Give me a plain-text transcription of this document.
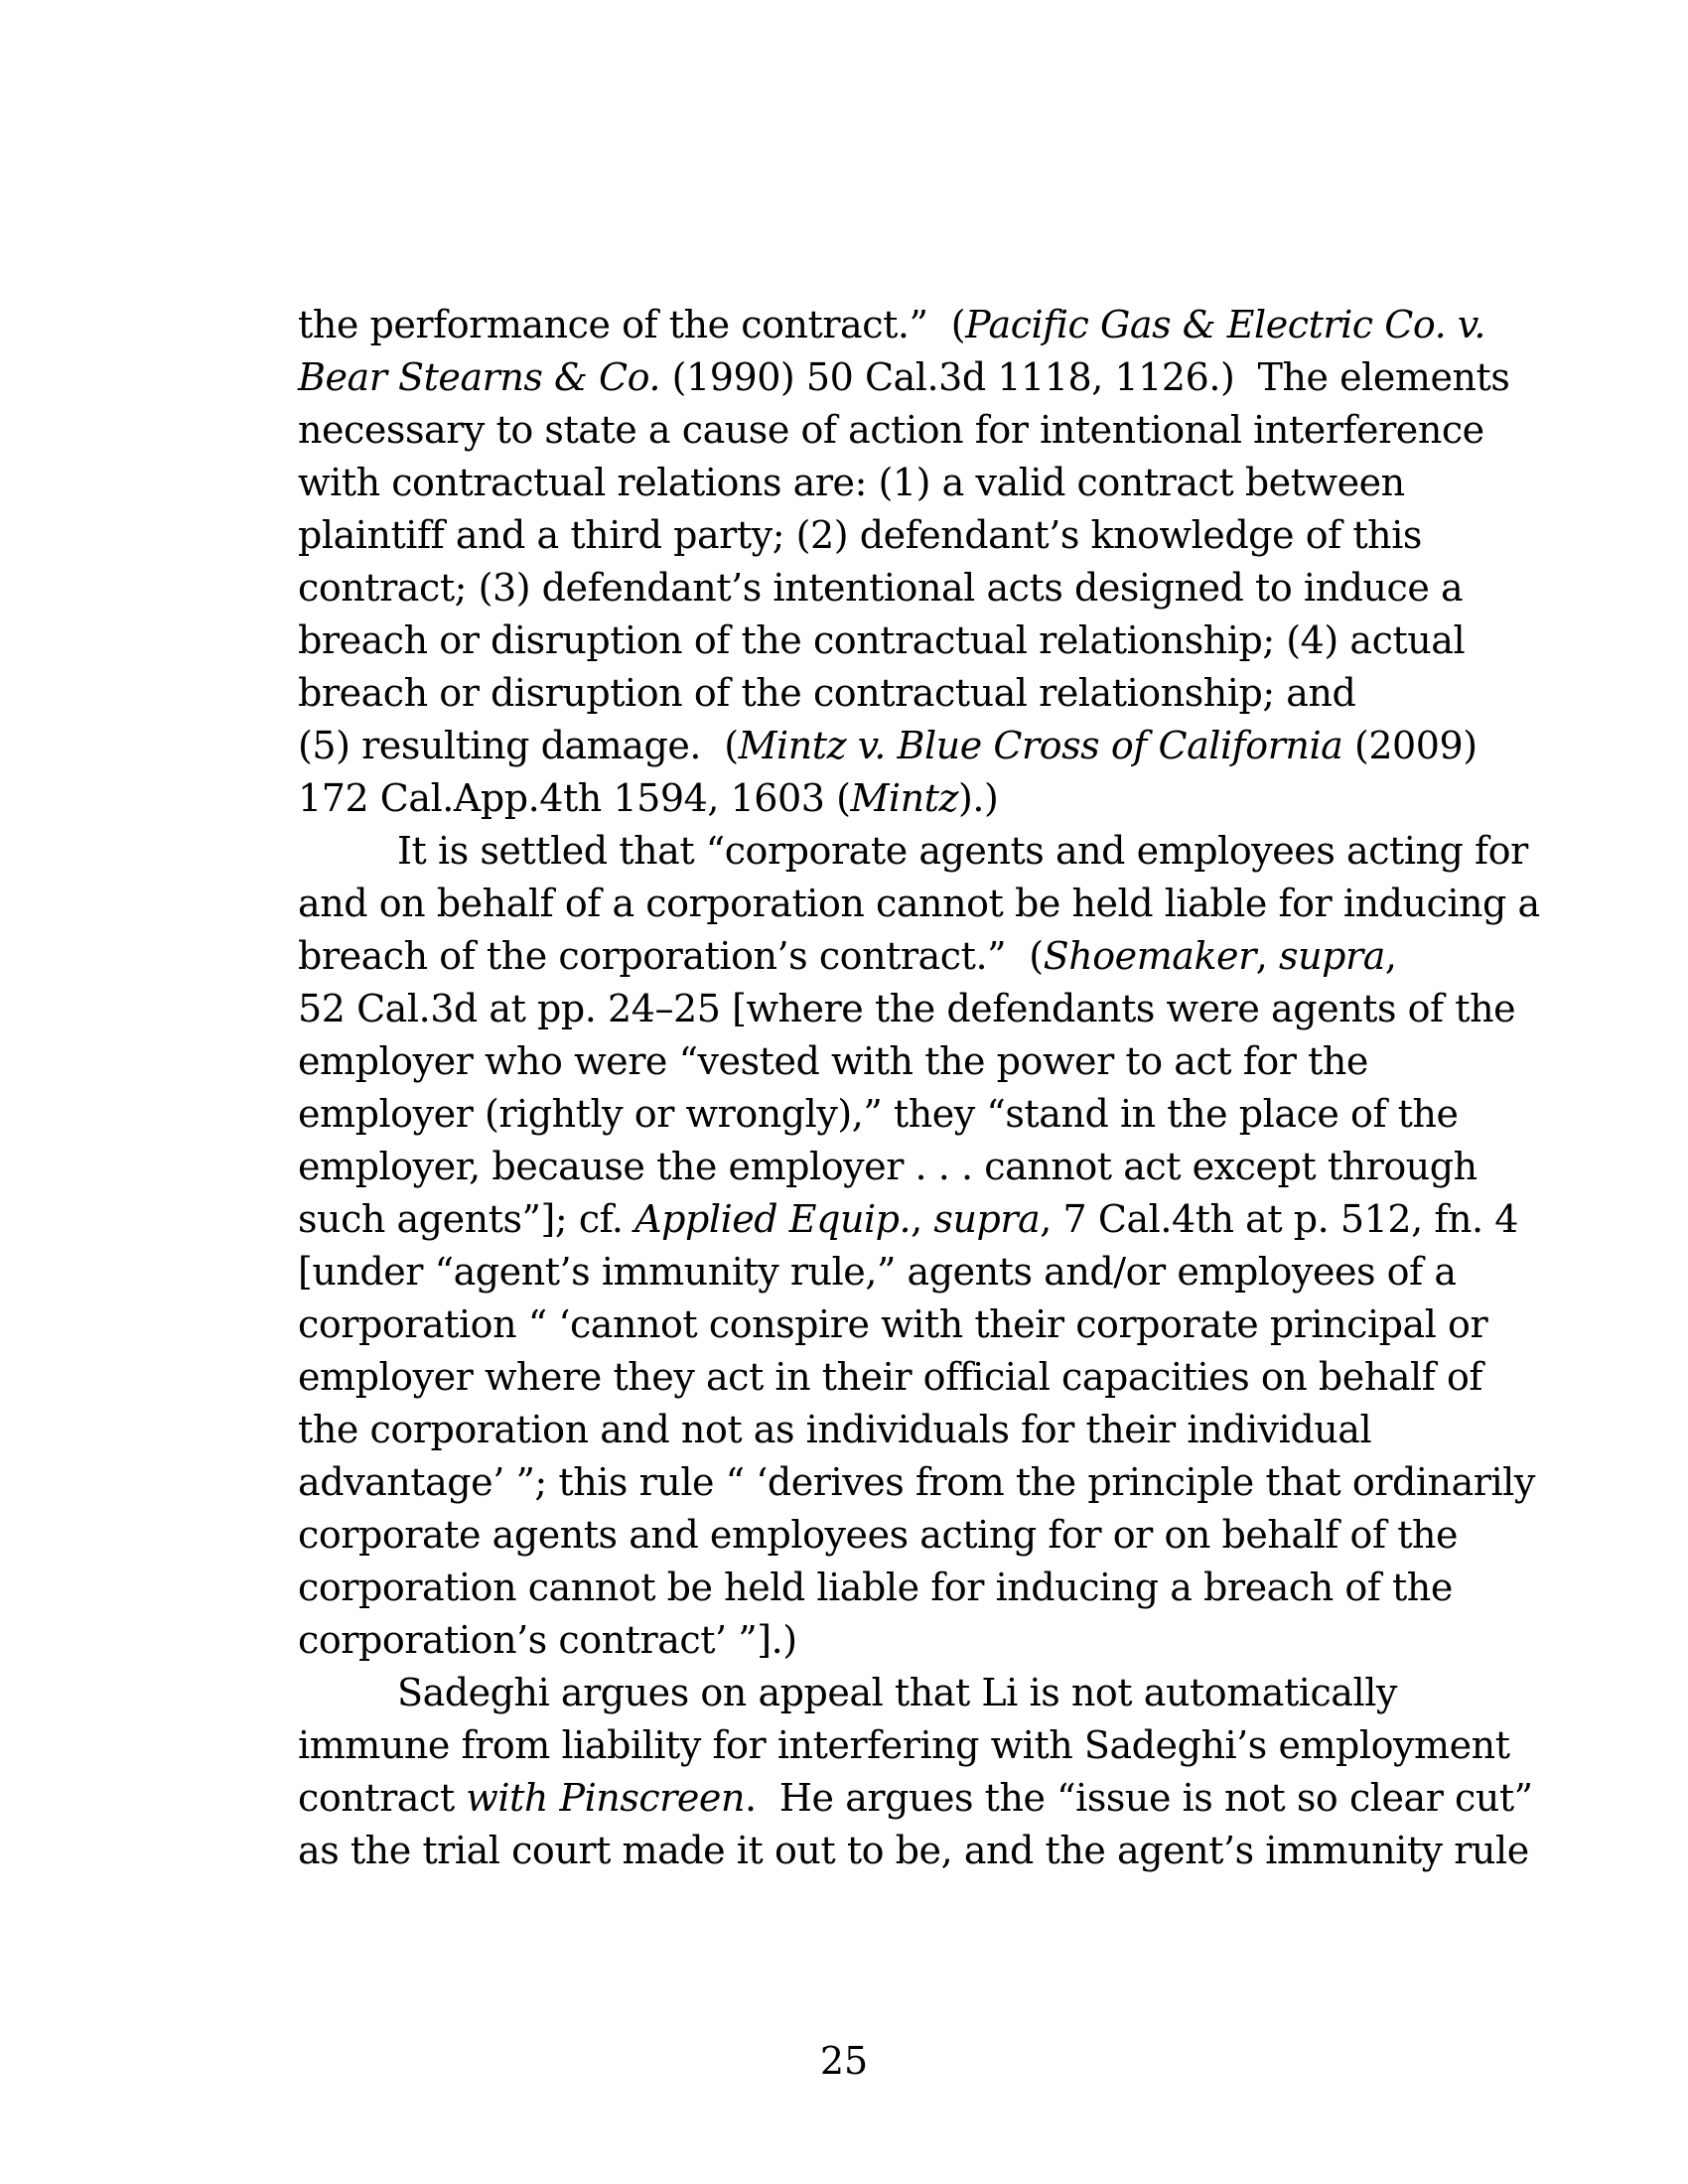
the performance of the contract.”  (Pacific Gas & Electric Co. v.
Bear Stearns & Co. (1990) 50 Cal.3d 1118, 1126.)  The elements
necessary to state a cause of action for intentional interference
with contractual relations are: (1) a valid contract between
plaintiff and a third party; (2) defendant’s knowledge of this
contract; (3) defendant’s intentional acts designed to induce a
breach or disruption of the contractual relationship; (4) actual
breach or disruption of the contractual relationship; and
(5) resulting damage.  (Mintz v. Blue Cross of California (2009)
172 Cal.App.4th 1594, 1603 (Mintz).)
It is settled that “corporate agents and employees acting for
and on behalf of a corporation cannot be held liable for inducing a
breach of the corporation’s contract.”  (Shoemaker, supra,
52 Cal.3d at pp. 24–25 [where the defendants were agents of the
employer who were “vested with the power to act for the
employer (rightly or wrongly),” they “stand in the place of the
employer, because the employer . . . cannot act except through
such agents”]; cf. Applied Equip., supra, 7 Cal.4th at p. 512, fn. 4
[under “agent’s immunity rule,” agents and/or employees of a
corporation “ ‘cannot conspire with their corporate principal or
employer where they act in their official capacities on behalf of
the corporation and not as individuals for their individual
advantage’ ”; this rule “ ‘derives from the principle that ordinarily
corporate agents and employees acting for or on behalf of the
corporation cannot be held liable for inducing a breach of the
corporation’s contract’ ”].)
Sadeghi argues on appeal that Li is not automatically
immune from liability for interfering with Sadeghi’s employment
contract with Pinscreen.  He argues the “issue is not so clear cut”
as the trial court made it out to be, and the agent’s immunity rule
25
